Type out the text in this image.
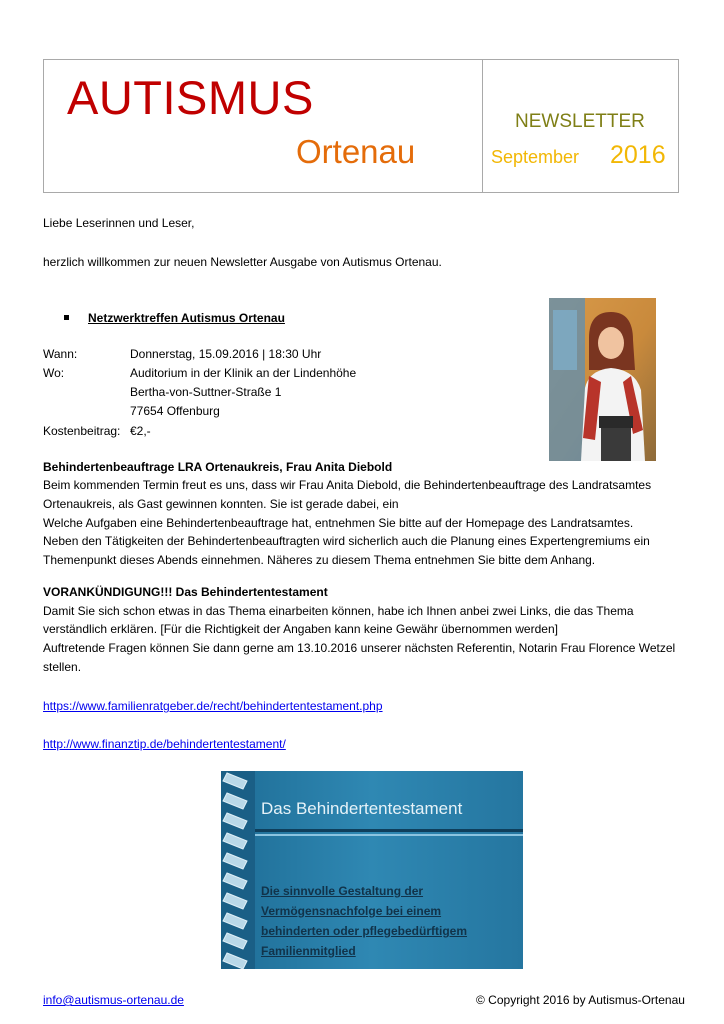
AUTISMUS
Ortenau
NEWSLETTER
September 2016
Liebe Leserinnen und Leser,
herzlich willkommen zur neuen Newsletter Ausgabe von Autismus Ortenau.
Netzwerktreffen Autismus Ortenau
Wann:	Donnerstag, 15.09.2016 | 18:30 Uhr
Wo:	Auditorium in der Klinik an der Lindenhöhe
Bertha-von-Suttner-Straße 1
77654 Offenburg
Kostenbeitrag: €2,-
Behindertenbeauftrage LRA Ortenaukreis, Frau Anita Diebold
Beim kommenden Termin freut es uns, dass wir Frau Anita Diebold, die Behindertenbeauftrage des Landratsamtes
Ortenaukreis, als Gast gewinnen konnten. Sie ist gerade dabei, ein
Welche Aufgaben eine Behindertenbeauftrage hat, entnehmen Sie bitte auf der Homepage des Landratsamtes.
Neben den Tätigkeiten der Behindertenbeauftragten wird sicherlich auch die Planung eines Expertengremiums ein
Themenpunkt dieses Abends einnehmen. Näheres zu diesem Thema entnehmen Sie bitte dem Anhang.
VORANKÜNDIGUNG!!! Das Behindertentestament
Damit Sie sich schon etwas in das Thema einarbeiten können, habe ich Ihnen anbei zwei Links, die das Thema
verständlich erklären. [Für die Richtigkeit der Angaben kann keine Gewähr übernommen werden]
Auftretende Fragen können Sie dann gerne am 13.10.2016 unserer nächsten Referentin, Notarin Frau Florence Wetzel
stellen.
https://www.familienratgeber.de/recht/behindertentestament.php
http://www.finanztip.de/behindertentestament/
Das Behindertentestament
Die sinnvolle Gestaltung der
Vermögensnachfolge bei einem
behinderten oder pflegebedürftigem
Familienmitglied
info@autismus-ortenau.de	© Copyright 2016 by Autismus-Ortenau
